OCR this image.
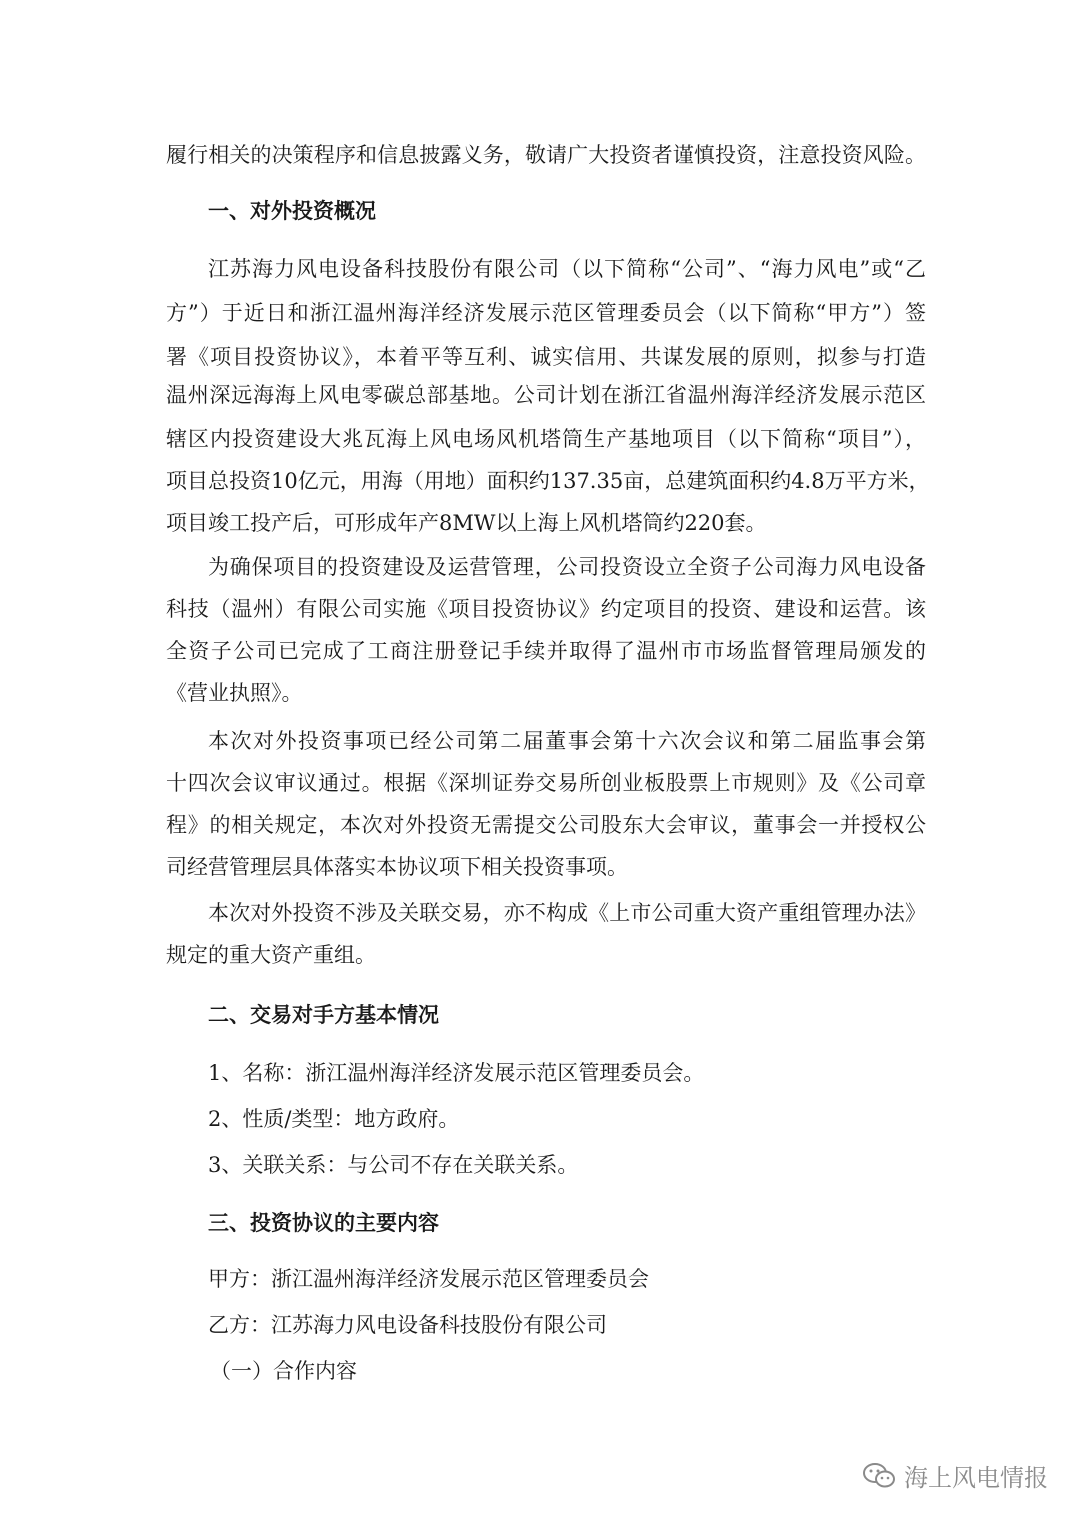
履行相关的决策程序和信息披露义务，敬请广大投资者谨慎投资，注意投资风险。
一、对外投资概况
江苏海力风电设备科技股份有限公司（以下简称“公司”、“海力风电”或“乙
方”）于近日和浙江温州海洋经济发展示范区管理委员会（以下简称“甲方”）签
署《项目投资协议》，本着平等互利、诚实信用、共谋发展的原则，拟参与打造
温州深远海海上风电零碳总部基地。公司计划在浙江省温州海洋经济发展示范区
辖区内投资建设大兆瓦海上风电场风机塔筒生产基地项目（以下简称“项目”），
项目总投资10亿元，用海（用地）面积约137.35亩，总建筑面积约4.8万平方米，
项目竣工投产后，可形成年产8MW以上海上风机塔筒约220套。
为确保项目的投资建设及运营管理，公司投资设立全资子公司海力风电设备
科技（温州）有限公司实施《项目投资协议》约定项目的投资、建设和运营。该
全资子公司已完成了工商注册登记手续并取得了温州市市场监督管理局颁发的
《营业执照》。
本次对外投资事项已经公司第二届董事会第十六次会议和第二届监事会第
十四次会议审议通过。根据《深圳证券交易所创业板股票上市规则》及《公司章
程》的相关规定，本次对外投资无需提交公司股东大会审议，董事会一并授权公
司经营管理层具体落实本协议项下相关投资事项。
本次对外投资不涉及关联交易，亦不构成《上市公司重大资产重组管理办法》
规定的重大资产重组。
二、交易对手方基本情况
1、名称：浙江温州海洋经济发展示范区管理委员会。
2、性质/类型：地方政府。
3、关联关系：与公司不存在关联关系。
三、投资协议的主要内容
甲方：浙江温州海洋经济发展示范区管理委员会
乙方：江苏海力风电设备科技股份有限公司
（一）合作内容
海上风电情报
